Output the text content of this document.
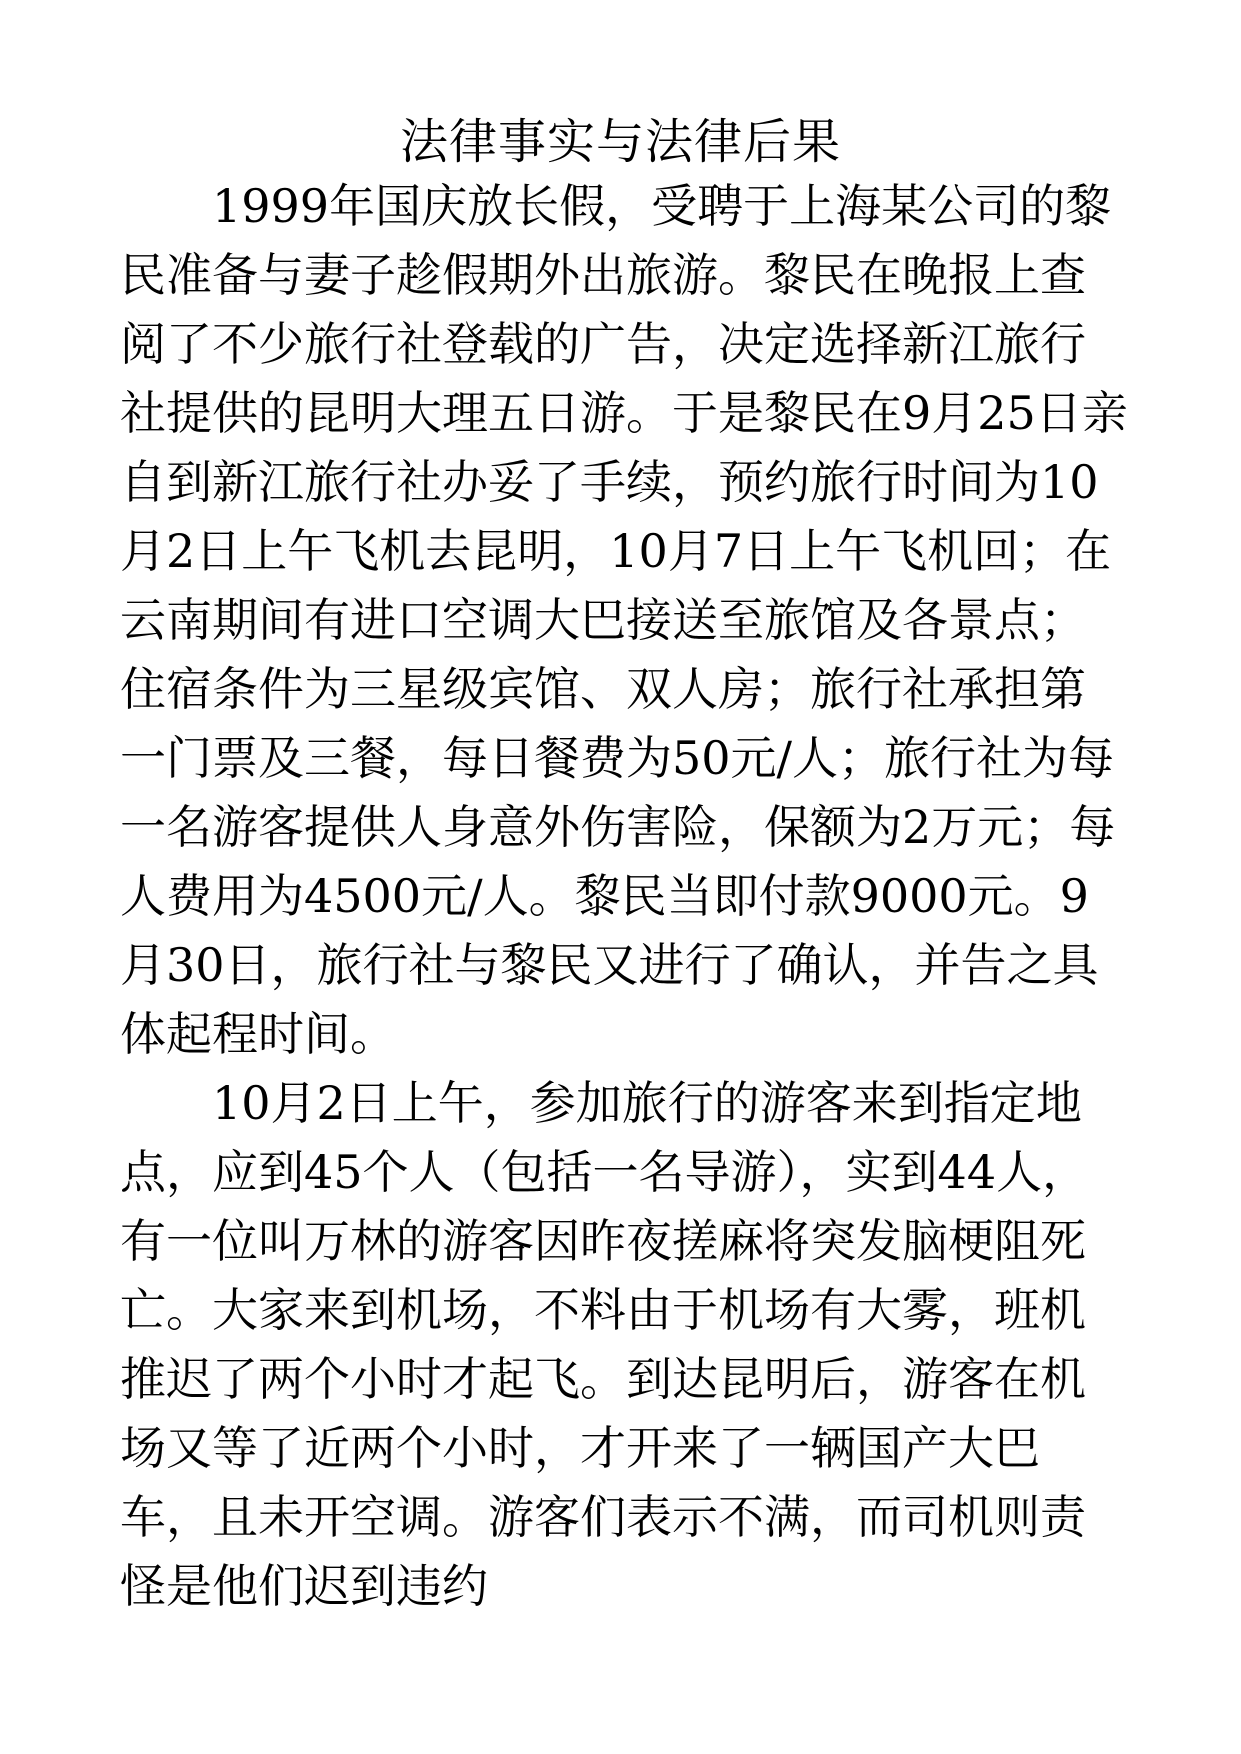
法律事实与法律后果

1999年国庆放长假，受聘于上海某公司的黎民准备与妻子趁假期外出旅游。黎民在晚报上查阅了不少旅行社登载的广告，决定选择新江旅行社提供的昆明大理五日游。于是黎民在9月25日亲自到新江旅行社办妥了手续，预约旅行时间为10月2日上午飞机去昆明，10月7日上午飞机回；在云南期间有进口空调大巴接送至旅馆及各景点；住宿条件为三星级宾馆、双人房；旅行社承担第一门票及三餐，每日餐费为50元/人；旅行社为每一名游客提供人身意外伤害险，保额为2万元；每人费用为4500元/人。黎民当即付款9000元。9月30日，旅行社与黎民又进行了确认，并告之具体起程时间。

10月2日上午，参加旅行的游客来到指定地点，应到45个人（包括一名导游），实到44人，有一位叫万林的游客因昨夜搓麻将突发脑梗阻死亡。大家来到机场，不料由于机场有大雾，班机推迟了两个小时才起飞。到达昆明后，游客在机场又等了近两个小时，才开来了一辆国产大巴车，且未开空调。游客们表示不满，而司机则责怪是他们迟到违约
